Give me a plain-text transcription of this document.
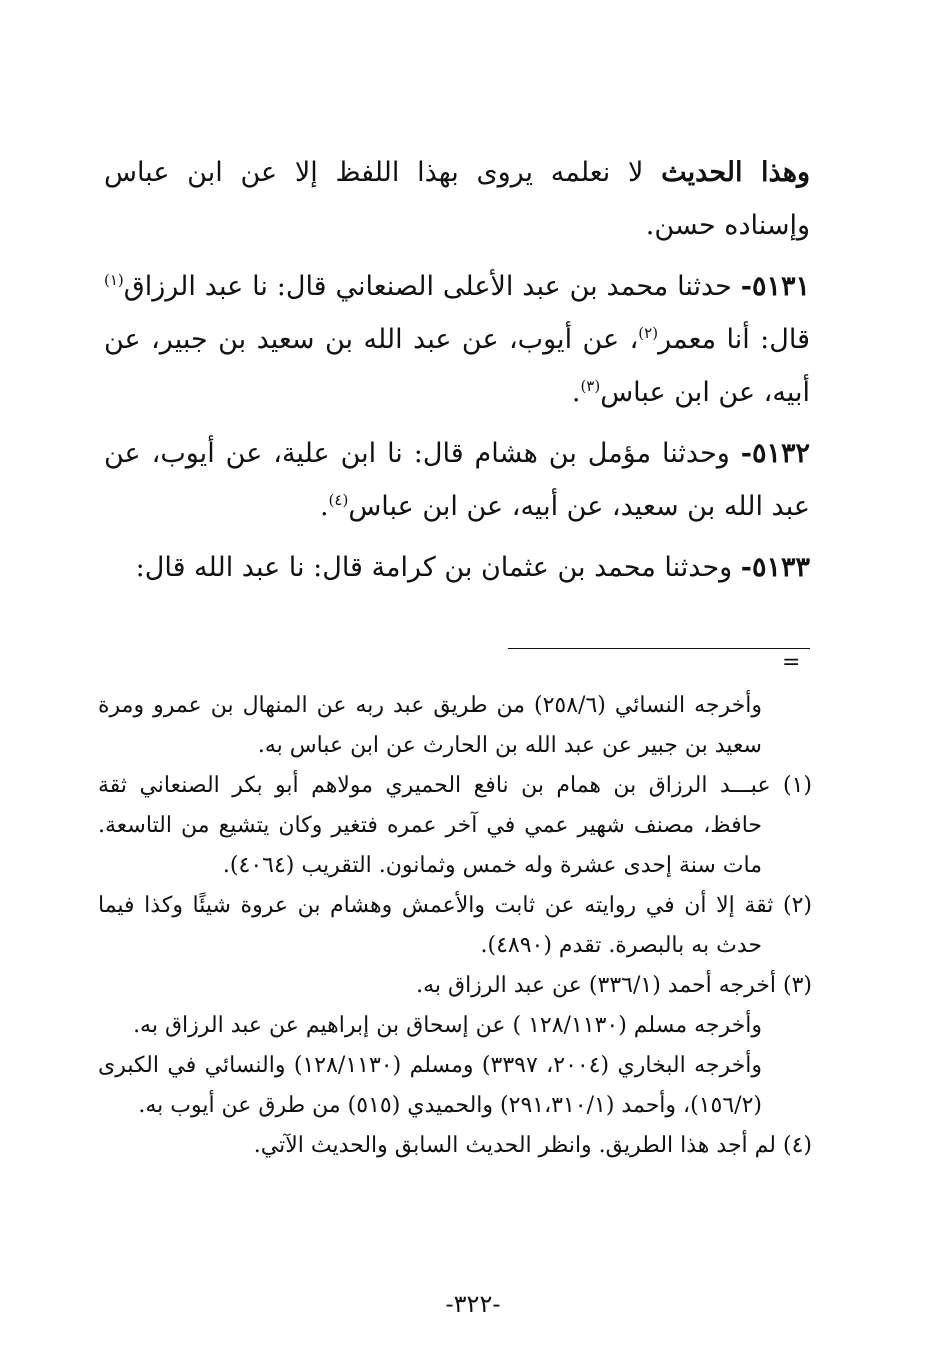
وهذا الحديث لا نعلمه يروى بهذا اللفظ إلا عن ابن عباس وإسناده حسن.

٥١٣١- حدثنا محمد بن عبد الأعلى الصنعاني قال: نا عبد الرزاق$^{(١)}$ قال: أنا معمر$^{(٢)}$، عن أيوب، عن عبد الله بن سعيد بن جبير، عن أبيه، عن ابن عباس$^{(٣)}$.

٥١٣٢- وحدثنا مؤمل بن هشام قال: نا ابن علية، عن أيوب، عن عبد الله بن سعيد، عن أبيه، عن ابن عباس$^{(٤)}$.

٥١٣٣- وحدثنا محمد بن عثمان بن كرامة قال: نا عبد الله قال:

=

وأخرجه النسائي (٢٥٨/٦) من طريق عبد ربه عن المنهال بن عمرو ومرة سعيد بن جبير عن عبد الله بن الحارث عن ابن عباس به.

(١) عبـــد الرزاق بن همام بن نافع الحميري مولاهم أبو بكر الصنعاني ثقة حافظ، مصنف شهير عمي في آخر عمره فتغير وكان يتشيع من التاسعة. مات سنة إحدى عشرة وله خمس وثمانون. التقريب (٤٠٦٤).

(٢) ثقة إلا أن في روايته عن ثابت والأعمش وهشام بن عروة شيئًا وكذا فيما حدث به بالبصرة. تقدم (٤٨٩٠).

(٣) أخرجه أحمد (٣٣٦/١) عن عبد الرزاق به.

وأخرجه مسلم (١٢٨/١١٣٠ ) عن إسحاق بن إبراهيم عن عبد الرزاق به.

وأخرجه البخاري (٢٠٠٤، ٣٣٩٧) ومسلم (١٢٨/١١٣٠) والنسائي في الكبرى (١٥٦/٢)، وأحمد (٢٩١،٣١٠/١) والحميدي (٥١٥) من طرق عن أيوب به.

(٤) لم أجد هذا الطريق. وانظر الحديث السابق والحديث الآتي.

-٣٢٢-
